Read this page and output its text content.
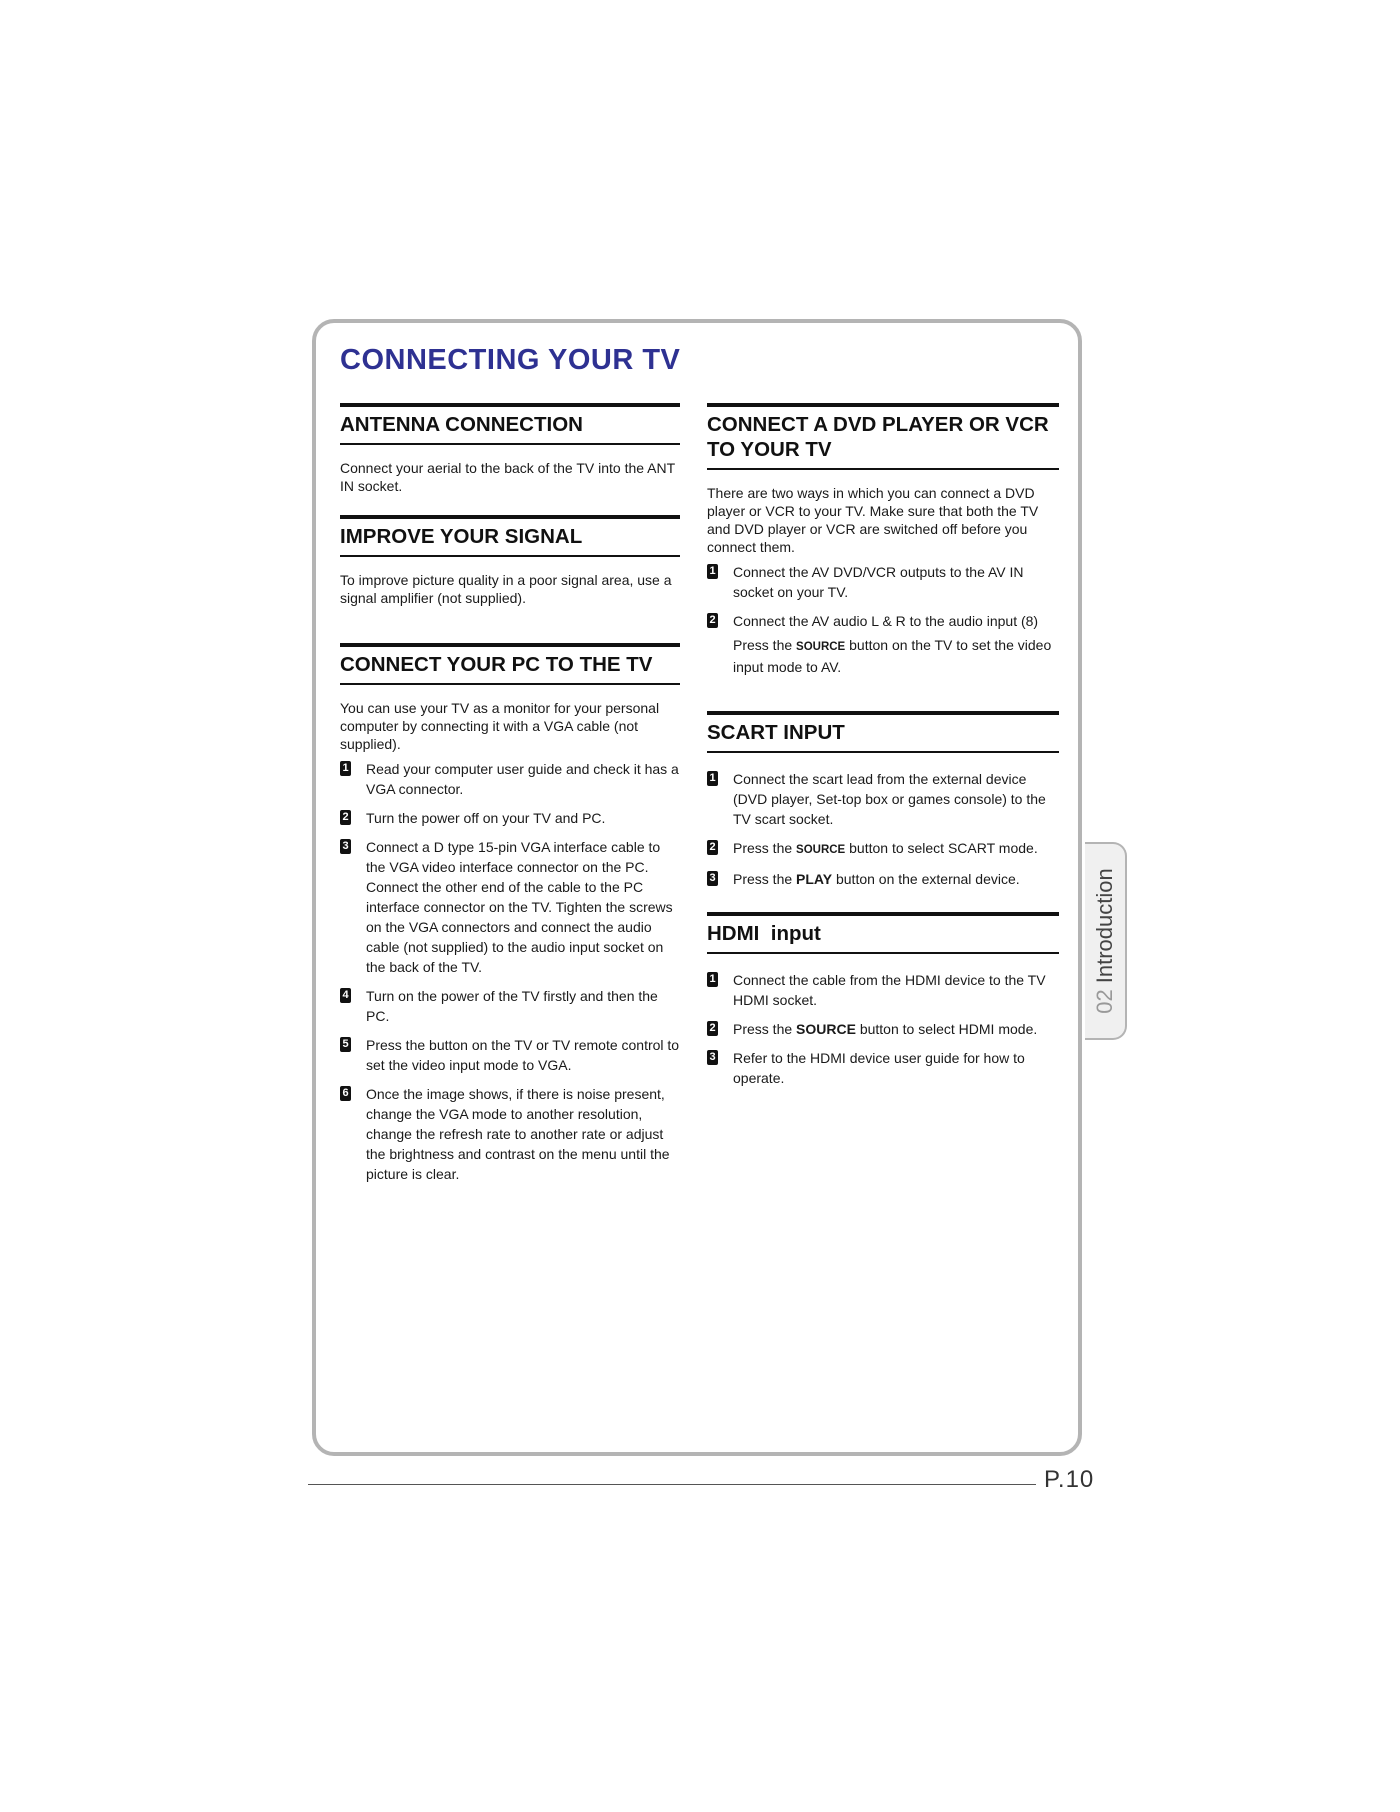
CONNECTING YOUR TV
ANTENNA CONNECTION

Connect your aerial to the back of the TV into the ANT IN socket.

IMPROVE YOUR SIGNAL

To improve picture quality in a poor signal area, use a signal amplifier (not supplied).

CONNECT YOUR PC TO THE TV

You can use your TV as a monitor for your personal computer by connecting it with a VGA cable (not supplied).

1 Read your computer user guide and check it has a VGA connector.
2 Turn the power off on your TV and PC.
3 Connect a D type 15-pin VGA interface cable to the VGA video interface connector on the PC. Connect the other end of the cable to the PC interface connector on the TV. Tighten the screws on the VGA connectors and connect the audio cable (not supplied) to the audio input socket on the back of the TV.
4 Turn on the power of the TV firstly and then the PC.
5 Press the button on the TV or TV remote control to set the video input mode to VGA.
6 Once the image shows, if there is noise present, change the VGA mode to another resolution, change the refresh rate to another rate or adjust the brightness and contrast on the menu until the picture is clear.
CONNECT A DVD PLAYER OR VCR TO YOUR TV

There are two ways in which you can connect a DVD player or VCR to your TV. Make sure that both the TV and DVD player or VCR are switched off before you connect them.

1 Connect the AV DVD/VCR outputs to the AV IN socket on your TV.
2 Connect the AV audio L & R to the audio input (8)

Press the SOURCE button on the TV to set the video input mode to AV.

SCART INPUT
1 Connect the scart lead from the external device (DVD player, Set-top box or games console) to the TV scart socket.
2 Press the SOURCE button to select SCART mode.
3 Press the PLAY button on the external device.
HDMI  input
1 Connect the cable from the HDMI device to the TV HDMI socket.
2 Press the SOURCE button to select HDMI mode.
3 Refer to the HDMI device user guide for how to operate.
02Introduction
P.10
